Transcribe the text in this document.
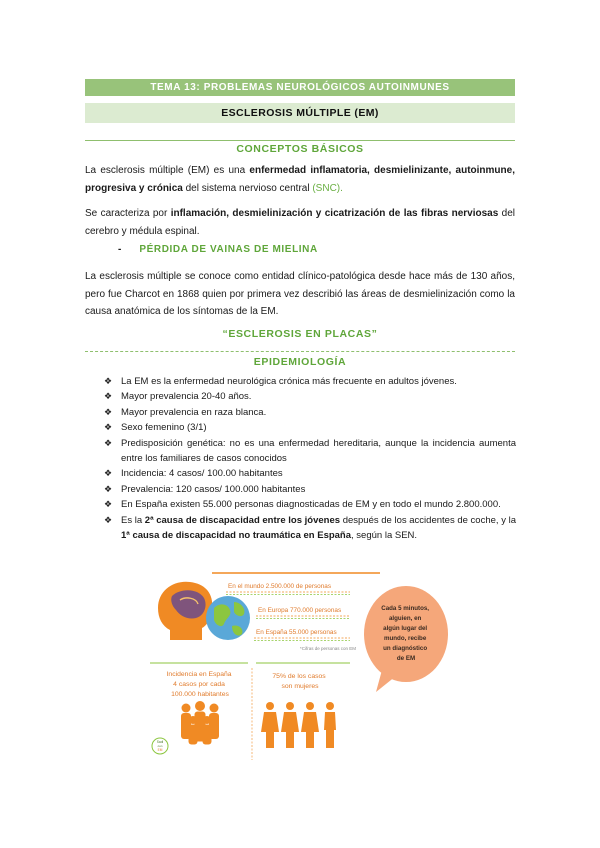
TEMA 13: PROBLEMAS NEUROLÓGICOS AUTOINMUNES
ESCLEROSIS MÚLTIPLE (EM)
CONCEPTOS BÁSICOS
La esclerosis múltiple (EM) es una enfermedad inflamatoria, desmielinizante, autoinmune, progresiva y crónica del sistema nervioso central (SNC).
Se caracteriza por inflamación, desmielinización y cicatrización de las fibras nerviosas del cerebro y médula espinal.
- PÉRDIDA DE VAINAS DE MIELINA
La esclerosis múltiple se conoce como entidad clínico-patológica desde hace más de 130 años, pero fue Charcot en 1868 quien por primera vez describió las áreas de desmielinización como la causa anatómica de los síntomas de la EM.
“ESCLEROSIS EN PLACAS”
EPIDEMIOLOGÍA
❖ La EM es la enfermedad neurológica crónica más frecuente en adultos jóvenes.
❖ Mayor prevalencia 20-40 años.
❖ Mayor prevalencia en raza blanca.
❖ Sexo femenino (3/1)
❖ Predisposición genética: no es una enfermedad hereditaria, aunque la incidencia aumenta entre los familiares de casos conocidos
❖ Incidencia: 4 casos/ 100.00 habitantes
❖ Prevalencia: 120 casos/ 100.000 habitantes
❖ En España existen 55.000 personas diagnosticadas de EM y en todo el mundo 2.800.000.
❖ Es la 2ª causa de discapacidad entre los jóvenes después de los accidentes de coche, y la 1ª causa de discapacidad no traumática en España, según la SEN.
En el mundo 2.500.000 de personas
En Europa 770.000 personas
En España 55.000 personas
*Cifras de personas con EM
Cada 5 minutos, alguien, en algún lugar del mundo, recibe un diagnóstico de EM
Incidencia en España 4 casos por cada 100.000 habitantes
75% de los casos son mujeres
Sadi
con
EM
